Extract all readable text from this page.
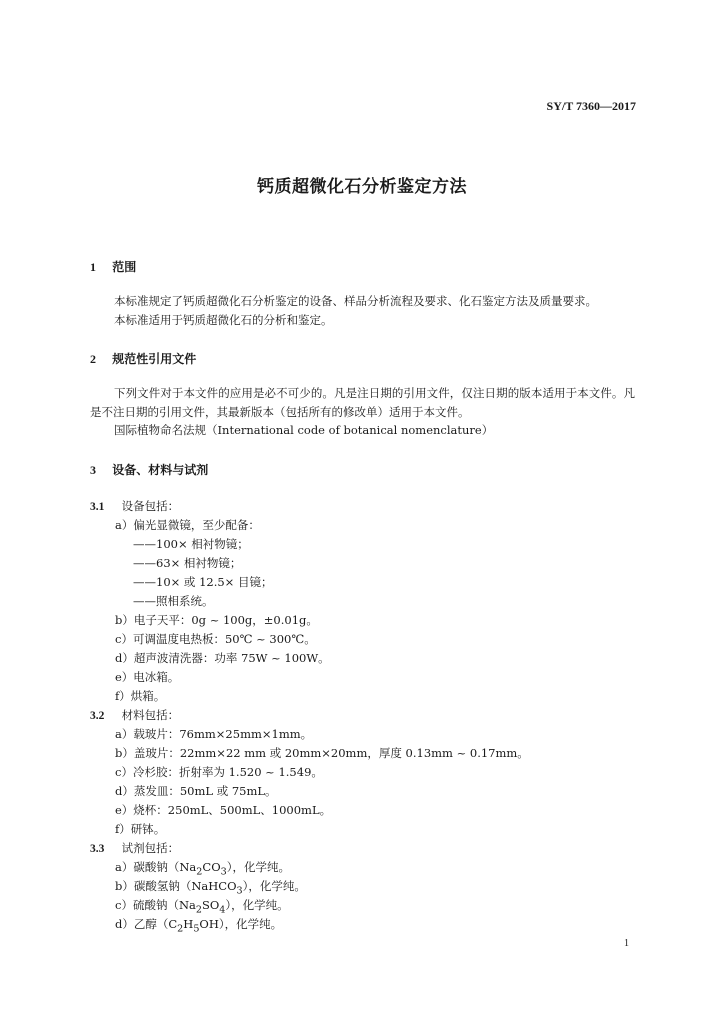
SY/T 7360—2017
钙质超微化石分析鉴定方法
1 范围

本标准规定了钙质超微化石分析鉴定的设备、样品分析流程及要求、化石鉴定方法及质量要求。

本标准适用于钙质超微化石的分析和鉴定。

2 规范性引用文件

下列文件对于本文件的应用是必不可少的。凡是注日期的引用文件，仅注日期的版本适用于本文件。凡是不注日期的引用文件，其最新版本（包括所有的修改单）适用于本文件。

国际植物命名法规（International code of botanical nomenclature）

3 设备、材料与试剂
3.1 设备包括：
a）偏光显微镜，至少配备：
——100× 相衬物镜；
——63× 相衬物镜；
——10× 或 12.5× 目镜；
——照相系统。
b）电子天平：0g ~ 100g，±0.01g。
c）可调温度电热板：50℃ ~ 300℃。
d）超声波清洗器：功率 75W ~ 100W。
e）电冰箱。
f）烘箱。
3.2 材料包括：
a）载玻片：76mm×25mm×1mm。
b）盖玻片：22mm×22 mm 或 20mm×20mm，厚度 0.13mm ~ 0.17mm。
c）冷杉胶：折射率为 1.520 ~ 1.549。
d）蒸发皿：50mL 或 75mL。
e）烧杯：250mL、500mL、1000mL。
f）研钵。
3.3 试剂包括：
a）碳酸钠$(Na_2CO_3)$，化学纯。
b）碳酸氢钠（NaHCO$_3$），化学纯。
c）硫酸钠$(Na_2SO_4)$，化学纯。
d）乙醇$(C_2H_5OH)$，化学纯。
1
